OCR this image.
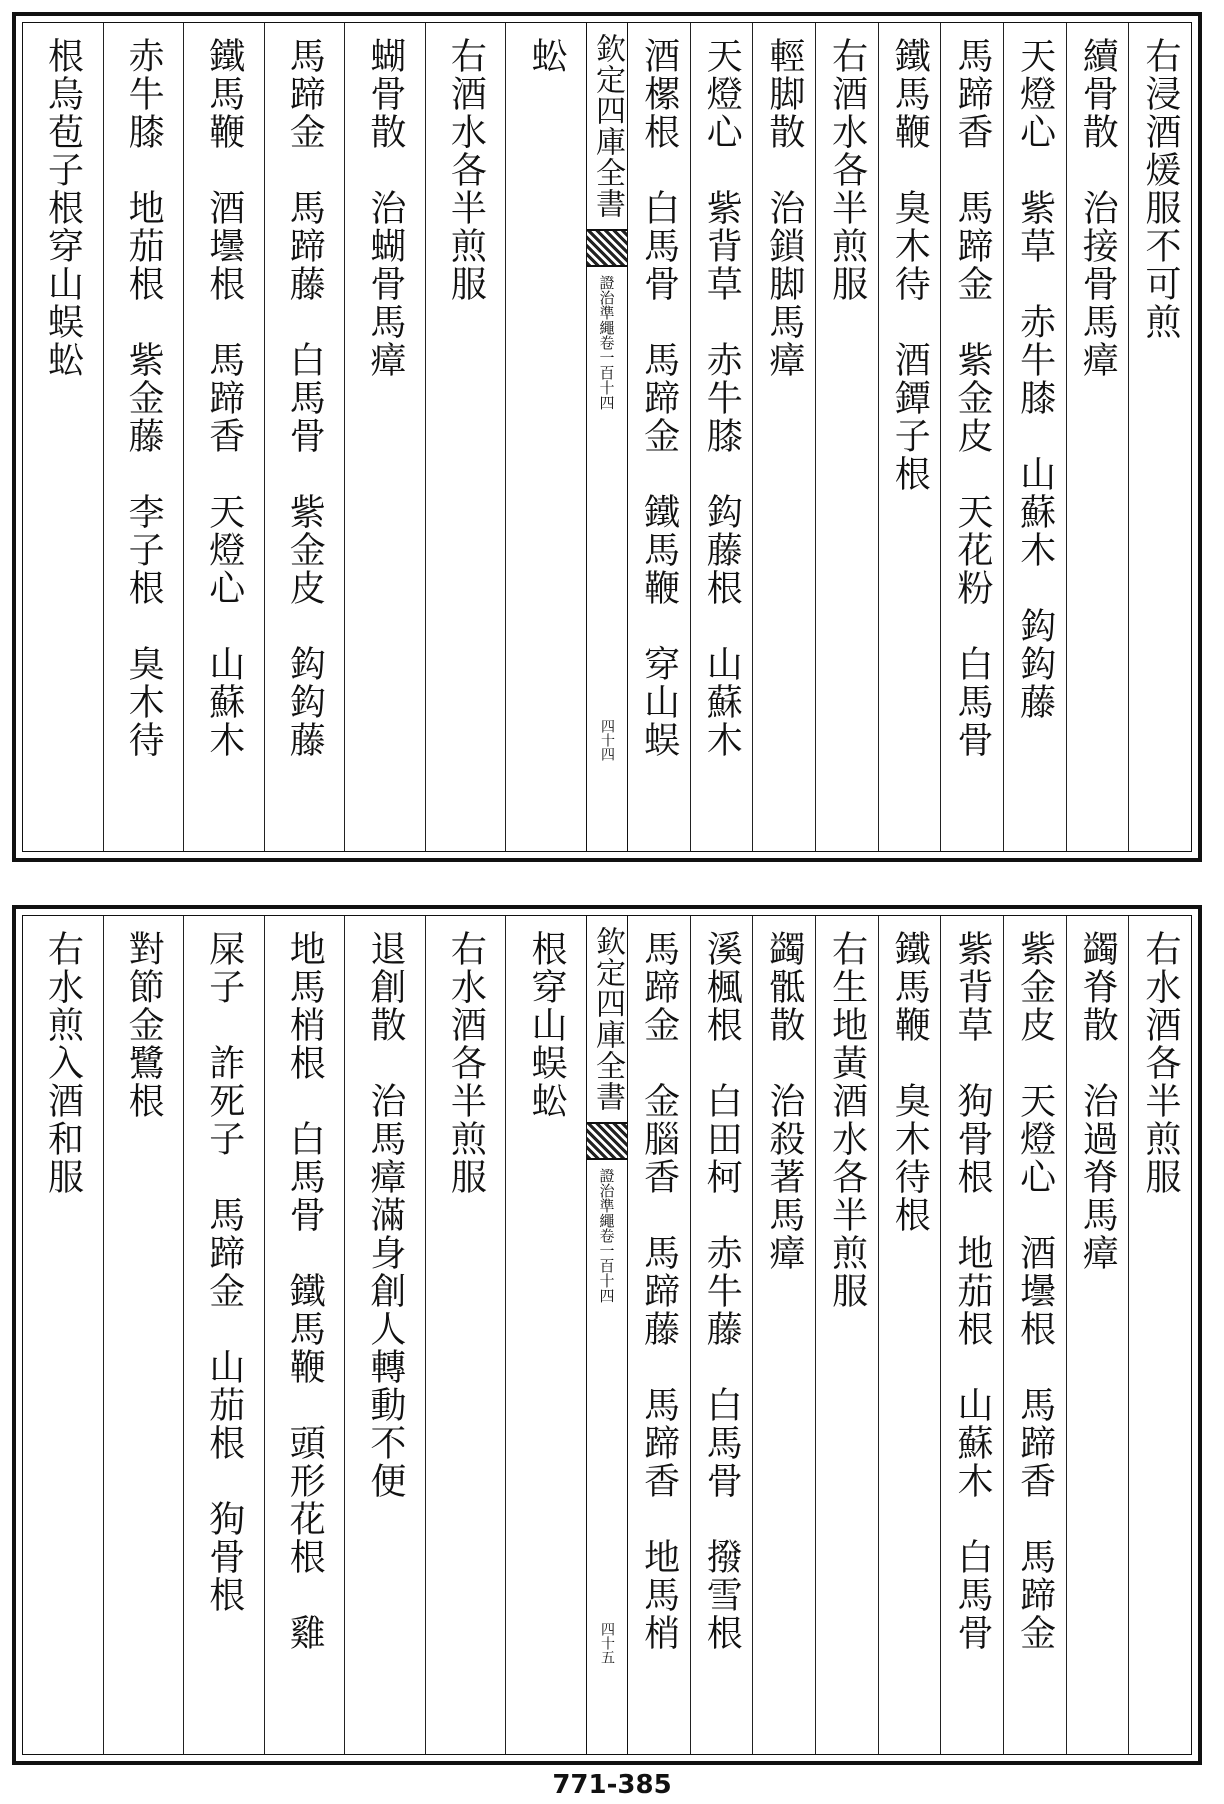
右浸酒煖服不可煎
續骨散　治接骨馬瘴
天燈心　紫草　赤牛膝　山蘇木　鈎鈎藤
馬蹄香　馬蹄金　紫金皮　天花粉　白馬骨
鐵馬鞭　臭木待　酒鐔子根
右酒水各半煎服
輕脚散　治鎖脚馬瘴
天燈心　紫背草　赤牛膝　鈎藤根　山蘇木
酒樏根　白馬骨　馬蹄金　鐵馬鞭　穿山蜈
欽定四庫全書
證治準繩卷一百十四
四十四
蚣
右酒水各半煎服
蝴骨散　治蝴骨馬瘴
馬蹄金　馬蹄藤　白馬骨　紫金皮　鈎鈎藤
鐵馬鞭　酒壜根　馬蹄香　天燈心　山蘇木
赤牛膝　地茄根　紫金藤　李子根　臭木待
根烏苞子根穿山蜈蚣
右水酒各半煎服
蠲脊散　治過脊馬瘴
紫金皮　天燈心　酒壜根　馬蹄香　馬蹄金
紫背草　狗骨根　地茄根　山蘇木　白馬骨
鐵馬鞭　臭木待根
右生地黃酒水各半煎服
蠲骶散　治殺著馬瘴
溪楓根　白田柯　赤牛藤　白馬骨　撥雪根
馬蹄金　金腦香　馬蹄藤　馬蹄香　地馬梢
欽定四庫全書
證治準繩卷一百十四
四十五
根穿山蜈蚣
右水酒各半煎服
退創散　治馬瘴滿身創人轉動不便
地馬梢根　白馬骨　鐵馬鞭　頭形花根　雞
屎子　詐死子　馬蹄金　山茄根　狗骨根
對節金鷺根
右水煎入酒和服
771-385
